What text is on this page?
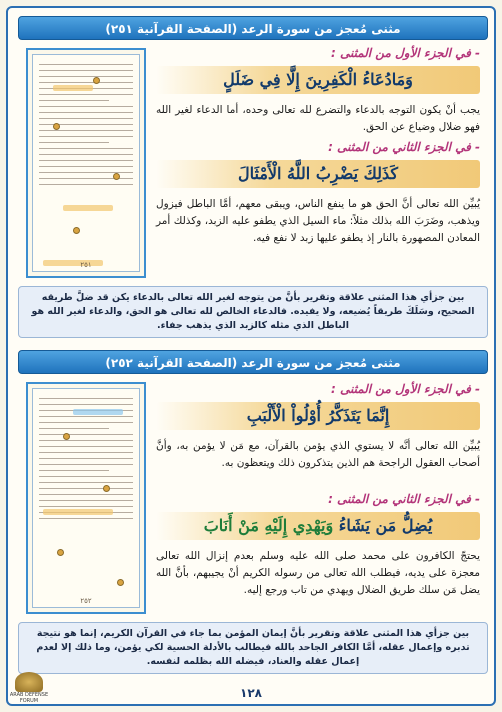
مثنى مُعجز من سورة الرعد (الصفحة القرآنية ٢٥١)
٢٥١
- في الجزء الأول من المثنى :
وَمَادُعَاءُ الْكَفِرِينَ إِلَّا فِي ضَلَلٍ
يجب أنْ يكون التوجه بالدعاء والتضرع لله تعالى وحده، أما الدعاء لغير الله فهو ضلال وضياع عن الحق.
- في الجزء الثاني من المثنى :
كَذَلِكَ يَضْرِبُ اللَّهُ الْأَمْثَالَ
يُبيِّن الله تعالى أنَّ الحق هو ما ينفع الناس، ويبقى معهم، أمَّا الباطل فيزول ويذهب، وضَرَبَ الله بذلك مثلاً: ماء السيل الذي يطفو عليه الزبد، وكذلك أمر المعادن المصهورة بالنار إذ يطفو عليها زبد لا نفع فيه.
بين جزأي هذا المثنى علاقة وتقرير بأنَّ من يتوجه لغير الله تعالى بالدعاء يكن قد ضلَّ طريقه الصحيح، وسَلَكَ طريقاً يُضيعه، ولا يفيده. فالدعاء الخالص لله تعالى هو الحق، والدعاء لغير الله هو الباطل الذي مثله كالزبد الذي يذهب جفاء.
مثنى مُعجز من سورة الرعد (الصفحة القرآنية ٢٥٢)
٢٥٢
- في الجزء الأول من المثنى :
إِنَّمَا يَتَذَكَّرُ أُوْلُواْ الْأَلْبَبِ
يُبيِّن الله تعالى أنَّه لا يستوي الذي يؤمن بالقرآن، مع مَن لا يؤمن به، وأنَّ أصحاب العقول الراجحة هم الذين يتذكرون ذلك ويتعظون به.
- في الجزء الثاني من المثنى :
يُضِلُّ مَن يَشَاءُ وَيَهْدِي إِلَيْهِ مَنْ أَنَابَ
يحتجّ الكافرون على محمد صلى الله عليه وسلم بعدم إنزال الله تعالى معجزة على يديه، فيطلب الله تعالى من رسوله الكريم أنْ يجيبهم، بأنَّ الله يضل مَن سلك طريق الضلال ويهدي من تاب ورجع إليه.
بين جزأي هذا المثنى علاقة وتقرير بأنَّ إيمان المؤمن بما جاء في القرآن الكريم، إنما هو نتيجة تدبره وإعمال عقله، أمَّا الكافر الجاحد بالله فيطالب بالأدلة الحسية لكي يؤمن، وما ذلك إلا لعدم إعمال عقله والعناد، فيضله الله بظلمه لنفسه.
١٢٨
ARAB DEFENSE FORUM
